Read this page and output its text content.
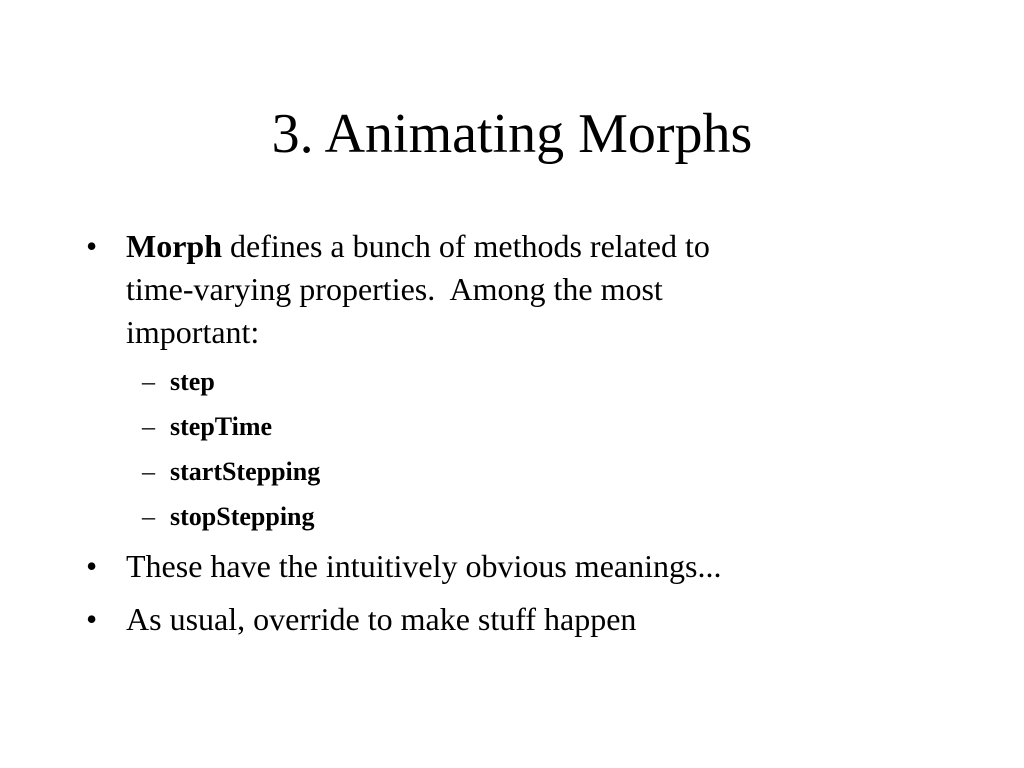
3. Animating Morphs
• Morph defines a bunch of methods related to
time-varying properties.  Among the most
important:
– step
– stepTime
– startStepping
– stopStepping
• These have the intuitively obvious meanings...
• As usual, override to make stuff happen
